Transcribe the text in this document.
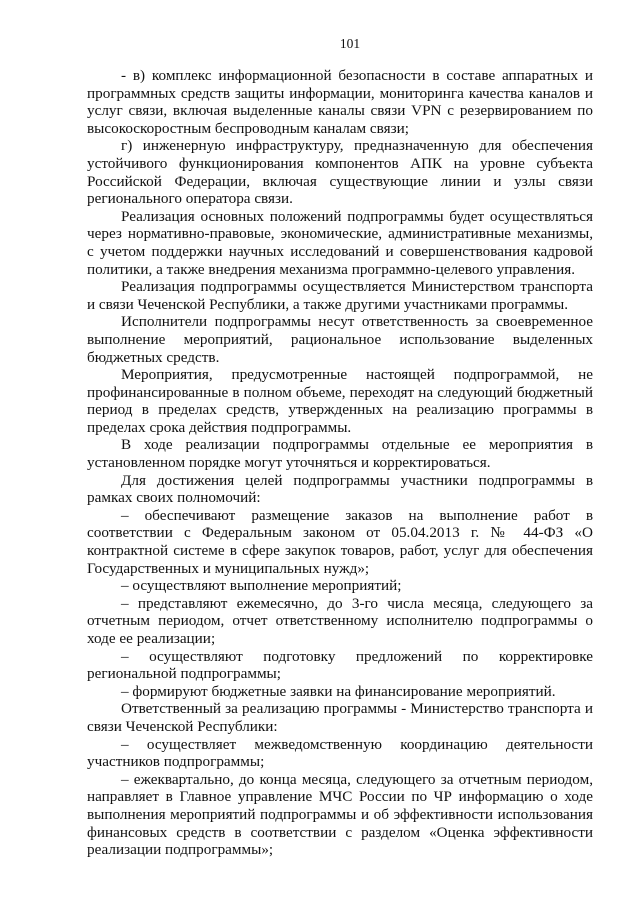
101

- в) комплекс информационной безопасности в составе аппаратных и программных средств защиты информации, мониторинга качества каналов и услуг связи, включая выделенные каналы связи VPN с резервированием по высокоскоростным беспроводным каналам связи;

г) инженерную инфраструктуру, предназначенную для обеспечения устойчивого функционирования компонентов АПК на уровне субъекта Российской Федерации, включая существующие линии и узлы связи регионального оператора связи.

Реализация основных положений подпрограммы будет осуществляться через нормативно-правовые, экономические, административные механизмы, с учетом поддержки научных исследований и совершенствования кадровой политики, а также внедрения механизма программно-целевого управления.

Реализация подпрограммы осуществляется Министерством транспорта и связи Чеченской Республики, а также другими участниками программы.

Исполнители подпрограммы несут ответственность за своевременное выполнение мероприятий, рациональное использование выделенных бюджетных средств.

Мероприятия, предусмотренные настоящей подпрограммой, не профинансированные в полном объеме, переходят на следующий бюджетный период в пределах средств, утвержденных на реализацию программы в пределах срока действия подпрограммы.

В ходе реализации подпрограммы отдельные ее мероприятия в установленном порядке могут уточняться и корректироваться.

Для достижения целей подпрограммы участники подпрограммы в рамках своих полномочий:

– обеспечивают размещение заказов на выполнение работ в соответствии с Федеральным законом от 05.04.2013 г. № 44-ФЗ «О контрактной системе в сфере закупок товаров, работ, услуг для обеспечения Государственных и муниципальных нужд»;

– осуществляют выполнение мероприятий;

– представляют ежемесячно, до 3-го числа месяца, следующего за отчетным периодом, отчет ответственному исполнителю подпрограммы о ходе ее реализации;

– осуществляют подготовку предложений по корректировке региональной подпрограммы;

– формируют бюджетные заявки на финансирование мероприятий.

Ответственный за реализацию программы - Министерство транспорта и связи Чеченской Республики:

– осуществляет межведомственную координацию деятельности участников подпрограммы;

– ежеквартально, до конца месяца, следующего за отчетным периодом, направляет в Главное управление МЧС России по ЧР информацию о ходе выполнения мероприятий подпрограммы и об эффективности использования финансовых средств в соответствии с разделом «Оценка эффективности реализации подпрограммы»;
